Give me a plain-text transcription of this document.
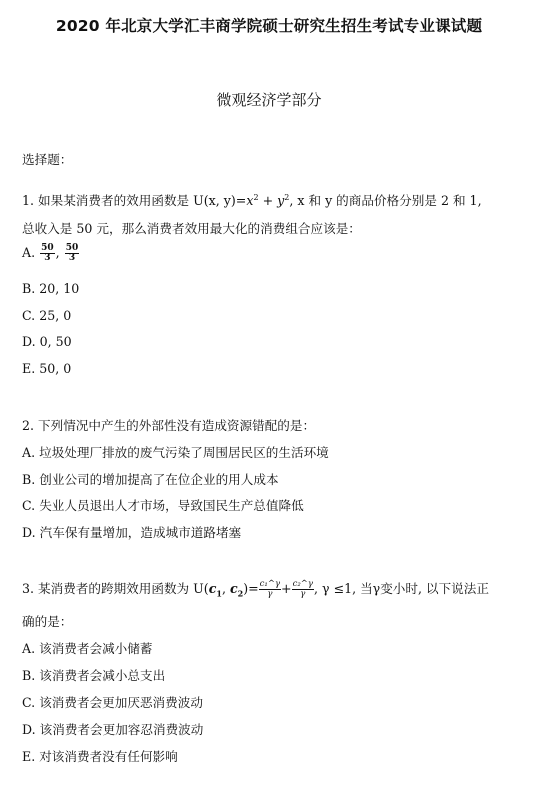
2020 年北京大学汇丰商学院硕士研究生招生考试专业课试题
微观经济学部分
选择题：
1. 如果某消费者的效用函数是 U(x, $y)=x^2 + y^2$, x 和 y 的商品价格分别是 2 和 1,
总收入是 50 元，那么消费者效用最大化的消费组合应该是：
A. $\frac{50}{3}$ , $\frac{50}{3}$
B. 20, 10
C. 25, 0
D. 0, 50
E. 50, 0
2. 下列情况中产生的外部性没有造成资源错配的是：
A. 垃圾处理厂排放的废气污染了周围居民区的生活环境
B. 创业公司的增加提高了在位企业的用人成本
C. 失业人员退出人才市场，导致国民生产总值降低
D. 汽车保有量增加，造成城市道路堵塞
3. 某消费者的跨期效用函数为 $U(c_1$, $c_2)= \frac{\text{c₁\textasciicircum{}γ}}{\gamma} + \frac{\text{c₂\textasciicircum{}γ}}{\gamma}$ , γ ≤1, 当γ变小时, 以下说法正
确的是：
A. 该消费者会减小储蓄
B. 该消费者会减小总支出
C. 该消费者会更加厌恶消费波动
D. 该消费者会更加容忍消费波动
E. 对该消费者没有任何影响
